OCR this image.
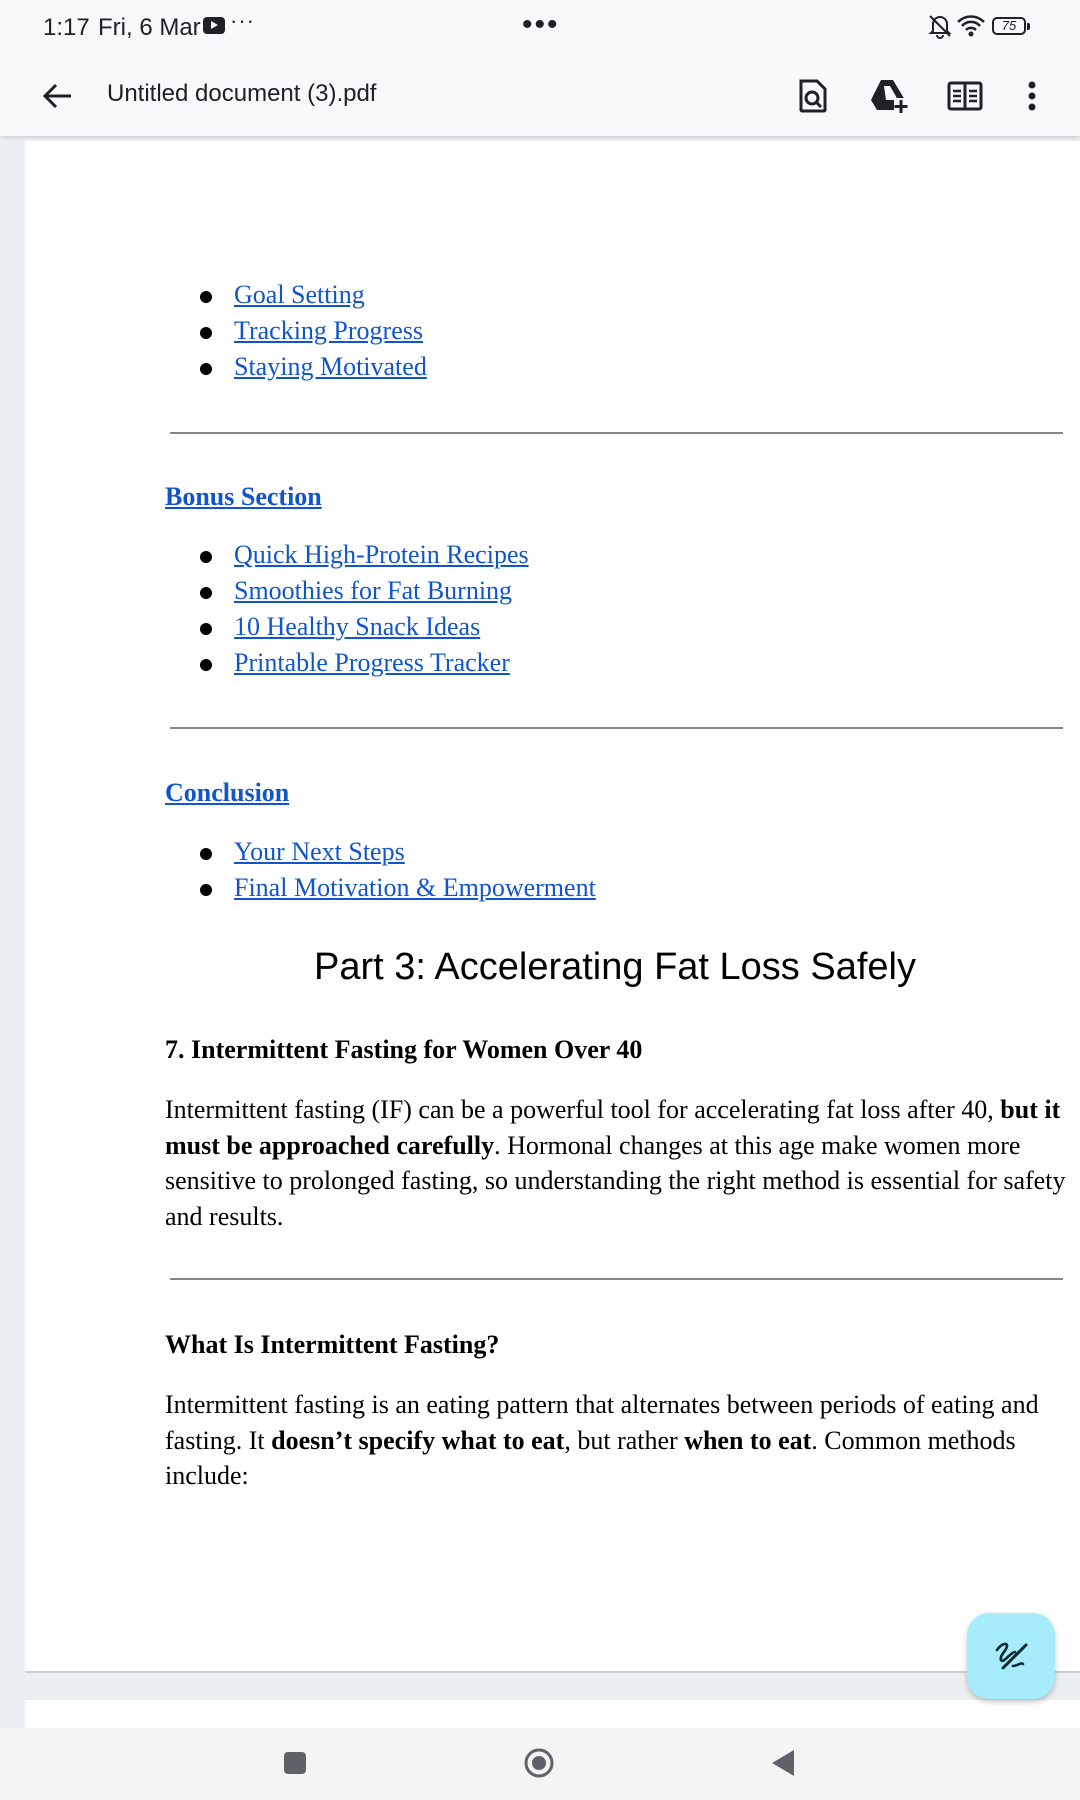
1:17 Fri, 6 Mar ···	•••	75
Untitled document (3).pdf
Goal Setting
Tracking Progress
Staying Motivated
Bonus Section
Quick High-Protein Recipes
Smoothies for Fat Burning
10 Healthy Snack Ideas
Printable Progress Tracker
Conclusion
Your Next Steps
Final Motivation & Empowerment
Part 3: Accelerating Fat Loss Safely
7. Intermittent Fasting for Women Over 40
Intermittent fasting (IF) can be a powerful tool for accelerating fat loss after 40, but it must be approached carefully. Hormonal changes at this age make women more sensitive to prolonged fasting, so understanding the right method is essential for safety and results.
What Is Intermittent Fasting?
Intermittent fasting is an eating pattern that alternates between periods of eating and fasting. It doesn’t specify what to eat, but rather when to eat. Common methods include:
